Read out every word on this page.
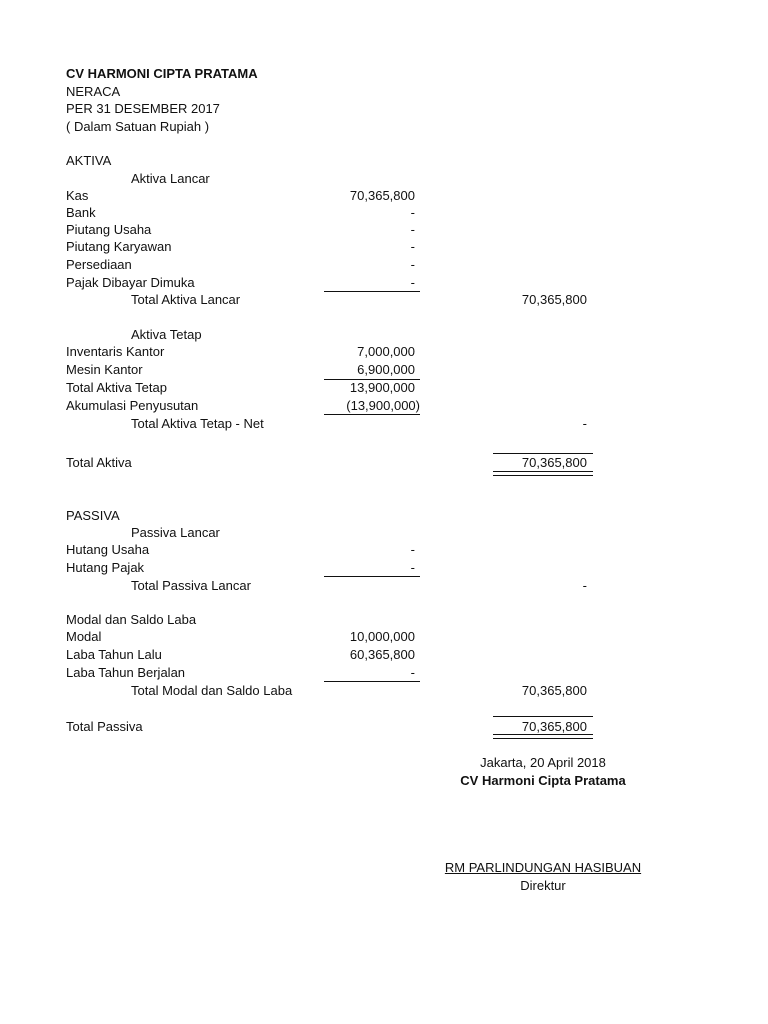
CV HARMONI CIPTA PRATAMA
NERACA
PER 31 DESEMBER 2017
( Dalam Satuan Rupiah )
AKTIVA
Aktiva Lancar
Kas	70,365,800
Bank	-
Piutang Usaha	-
Piutang Karyawan	-
Persediaan	-
Pajak Dibayar Dimuka	-
Total Aktiva Lancar	70,365,800
Aktiva Tetap
Inventaris Kantor	7,000,000
Mesin Kantor	6,900,000
Total Aktiva Tetap	13,900,000
Akumulasi Penyusutan	(13,900,000)
Total Aktiva Tetap - Net	-
Total Aktiva	70,365,800
PASSIVA
Passiva Lancar
Hutang Usaha	-
Hutang Pajak	-
Total Passiva Lancar	-
Modal dan Saldo Laba
Modal	10,000,000
Laba Tahun Lalu	60,365,800
Laba Tahun Berjalan	-
Total Modal dan Saldo Laba	70,365,800
Total Passiva	70,365,800
Jakarta, 20 April 2018
CV Harmoni Cipta Pratama
RM PARLINDUNGAN HASIBUAN
Direktur
